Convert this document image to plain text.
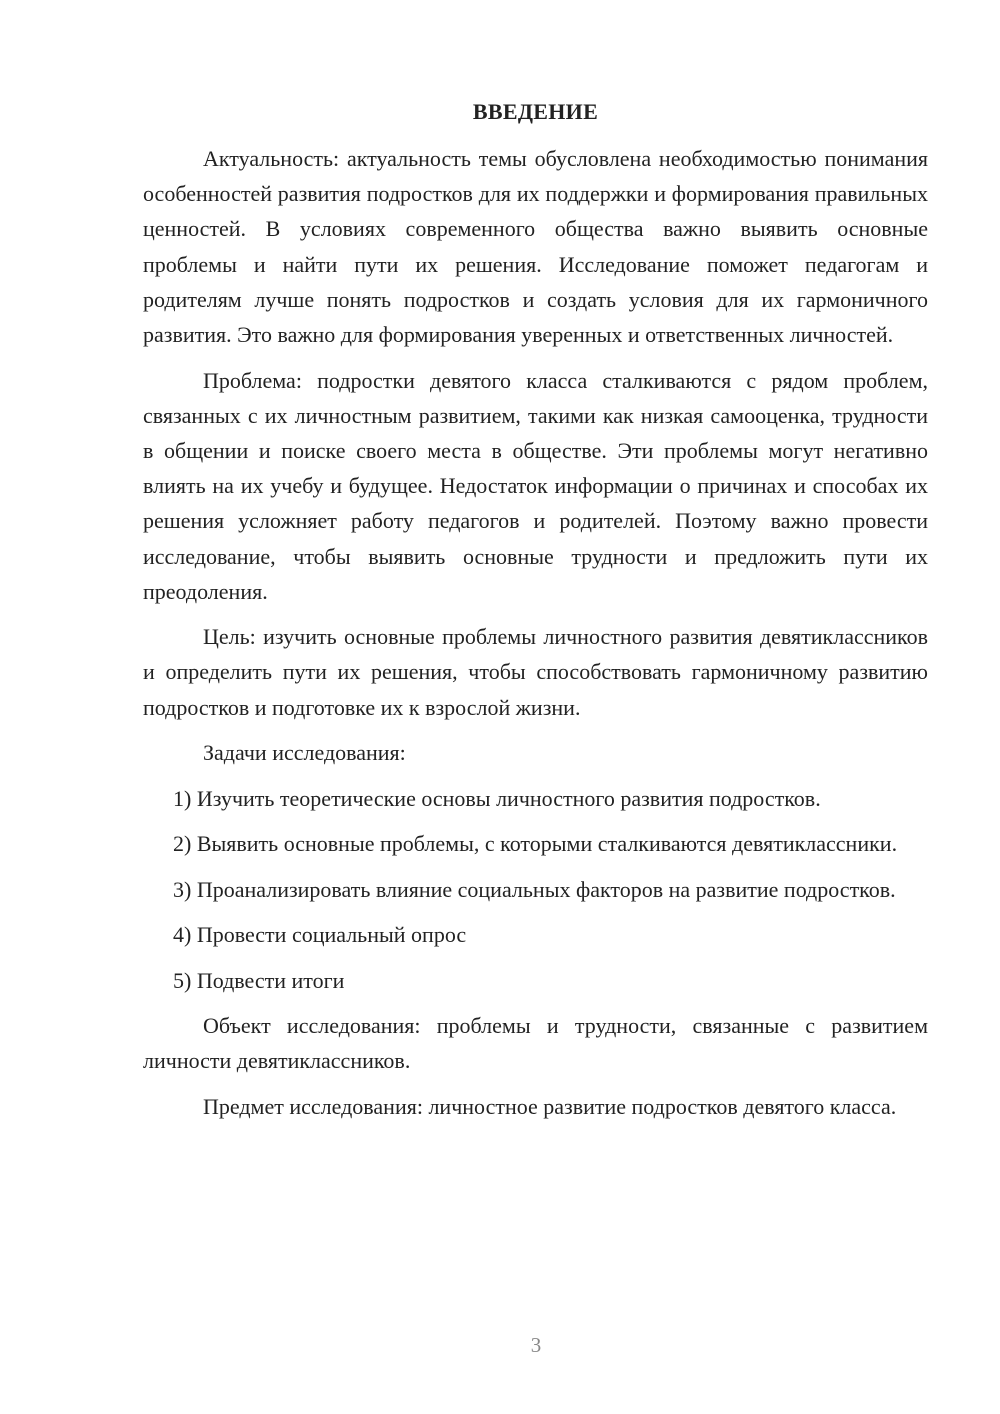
ВВЕДЕНИЕ

Актуальность: актуальность темы обусловлена необходимостью понимания особенностей развития подростков для их поддержки и формирования правильных ценностей. В условиях современного общества важно выявить основные проблемы и найти пути их решения. Исследование поможет педагогам и родителям лучше понять подростков и создать условия для их гармоничного развития. Это важно для формирования уверенных и ответственных личностей.

Проблема: подростки девятого класса сталкиваются с рядом проблем, связанных с их личностным развитием, такими как низкая самооценка, трудности в общении и поиске своего места в обществе. Эти проблемы могут негативно влиять на их учебу и будущее. Недостаток информации о причинах и способах их решения усложняет работу педагогов и родителей. Поэтому важно провести исследование, чтобы выявить основные трудности и предложить пути их преодоления.

Цель: изучить основные проблемы личностного развития девятиклассников и определить пути их решения, чтобы способствовать гармоничному развитию подростков и подготовке их к взрослой жизни.

Задачи исследования:

1) Изучить теоретические основы личностного развития подростков.

2) Выявить основные проблемы, с которыми сталкиваются девятиклассники.

3) Проанализировать влияние социальных факторов на развитие подростков.

4) Провести социальный опрос

5) Подвести итоги

Объект исследования: проблемы и трудности, связанные с развитием личности девятиклассников.

Предмет исследования: личностное развитие подростков девятого класса.

3
